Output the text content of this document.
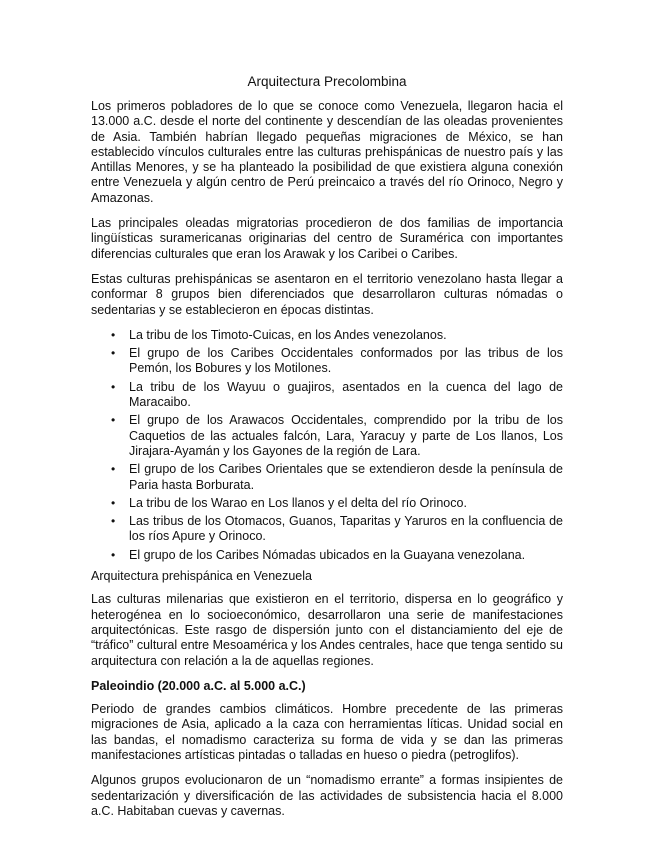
Arquitectura Precolombina

Los primeros pobladores de lo que se conoce como Venezuela, llegaron hacia el 13.000 a.C. desde el norte del continente y descendían de las oleadas provenientes de Asia. También habrían llegado pequeñas migraciones de México, se han establecido vínculos culturales entre las culturas prehispánicas de nuestro país y las Antillas Menores, y se ha planteado la posibilidad de que existiera alguna conexión entre Venezuela y algún centro de Perú preincaico a través del río Orinoco, Negro y Amazonas.

Las principales oleadas migratorias procedieron de dos familias de importancia lingüísticas suramericanas originarias del centro de Suramérica con importantes diferencias culturales que eran los Arawak y los Caribei o Caribes.

Estas culturas prehispánicas se asentaron en el territorio venezolano hasta llegar a conformar 8 grupos bien diferenciados que desarrollaron culturas nómadas o sedentarias y se establecieron en épocas distintas.

• La tribu de los Timoto-Cuicas, en los Andes venezolanos.
• El grupo de los Caribes Occidentales conformados por las tribus de los Pemón, los Bobures y los Motilones.
• La tribu de los Wayuu o guajiros, asentados en la cuenca del lago de Maracaibo.
• El grupo de los Arawacos Occidentales, comprendido por la tribu de los Caquetios de las actuales falcón, Lara, Yaracuy y parte de Los llanos, Los Jirajara-Ayamán y los Gayones de la región de Lara.
• El grupo de los Caribes Orientales que se extendieron desde la península de Paria hasta Borburata.
• La tribu de los Warao en Los llanos y el delta del río Orinoco.
• Las tribus de los Otomacos, Guanos, Taparitas y Yaruros en la confluencia de los ríos Apure y Orinoco.
• El grupo de los Caribes Nómadas ubicados en la Guayana venezolana.
Arquitectura prehispánica en Venezuela

Las culturas milenarias que existieron en el territorio, dispersa en lo geográfico y heterogénea en lo socioeconómico, desarrollaron una serie de manifestaciones arquitectónicas. Este rasgo de dispersión junto con el distanciamiento del eje de “tráfico” cultural entre Mesoamérica y los Andes centrales, hace que tenga sentido su arquitectura con relación a la de aquellas regiones.

Paleoindio (20.000 a.C. al 5.000 a.C.)

Periodo de grandes cambios climáticos. Hombre precedente de las primeras migraciones de Asia, aplicado a la caza con herramientas líticas. Unidad social en las bandas, el nomadismo caracteriza su forma de vida y se dan las primeras manifestaciones artísticas pintadas o talladas en hueso o piedra (petroglifos).

Algunos grupos evolucionaron de un “nomadismo errante” a formas insipientes de sedentarización y diversificación de las actividades de subsistencia hacia el 8.000 a.C. Habitaban cuevas y cavernas.
